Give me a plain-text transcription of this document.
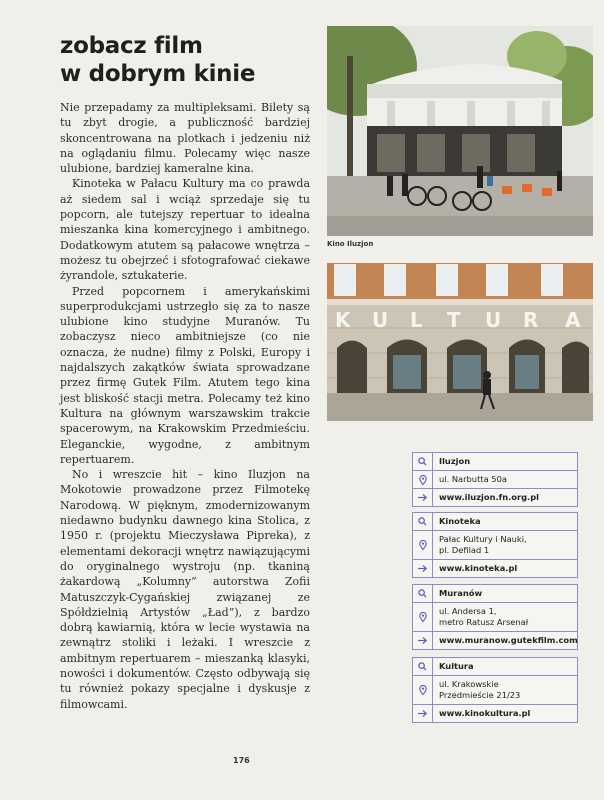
zobacz film
w dobrym kinie

Nie przepadamy za multipleksami. Bilety są tu zbyt drogie, a publiczność bardziej skoncentrowana na plotkach i jedzeniu niż na oglądaniu filmu. Polecamy więc nasze ulubione, bardziej kameralne kina.

Kinoteka w Pałacu Kultury ma co prawda aż siedem sal i wciąż sprzedaje się tu popcorn, ale tutejszy repertuar to idealna mieszanka kina komercyjnego i ambitnego. Dodatkowym atutem są pałacowe wnętrza – możesz tu obejrzeć i sfotografować ciekawe żyrandole, sztukaterie.

Przed popcornem i amerykańskimi superprodukcjami ustrzegło się za to nasze ulubione kino studyjne Muranów. Tu zobaczysz nieco ambitniejsze (co nie oznacza, że nudne) filmy z Polski, Europy i najdalszych zakątków świata sprowadzane przez firmę Gutek Film. Atutem tego kina jest bliskość stacji metra. Polecamy też kino Kultura na głównym warszawskim trakcie spacerowym, na Krakowskim Przedmieściu. Eleganckie, wygodne, z ambitnym repertuarem.

No i wreszcie hit – kino Iluzjon na Mokotowie prowadzone przez Filmotekę Narodową. W pięknym, zmodernizowanym niedawno budynku dawnego kina Stolica, z 1950 r. (projektu Mieczysława Pipreka), z elementami dekoracji wnętrz nawiązującymi do oryginalnego wystroju (np. tkaniną żakardową „Kolumny” autorstwa Zofii Matuszczyk-Cygańskiej związanej ze Spółdzielnią Artystów „Ład”), z bardzo dobrą kawiarnią, która w lecie wystawia na zewnątrz stoliki i leżaki. I wreszcie z ambitnym repertuarem – mieszanką klasyki, nowości i dokumentów. Często odbywają się tu również pokazy specjalne i dyskusje z filmowcami.

Kino Iluzjon
K U L T U R A
Iluzjon
ul. Narbutta 50a
www.iluzjon.fn.org.pl
Kinoteka
Pałac Kultury i Nauki,
pl. Defilad 1
www.kinoteka.pl
Muranów
ul. Andersa 1,
metro Ratusz Arsenał
www.muranow.gutekfilm.com
Kultura
ul. Krakowskie
Przedmieście 21/23
www.kinokultura.pl
176
